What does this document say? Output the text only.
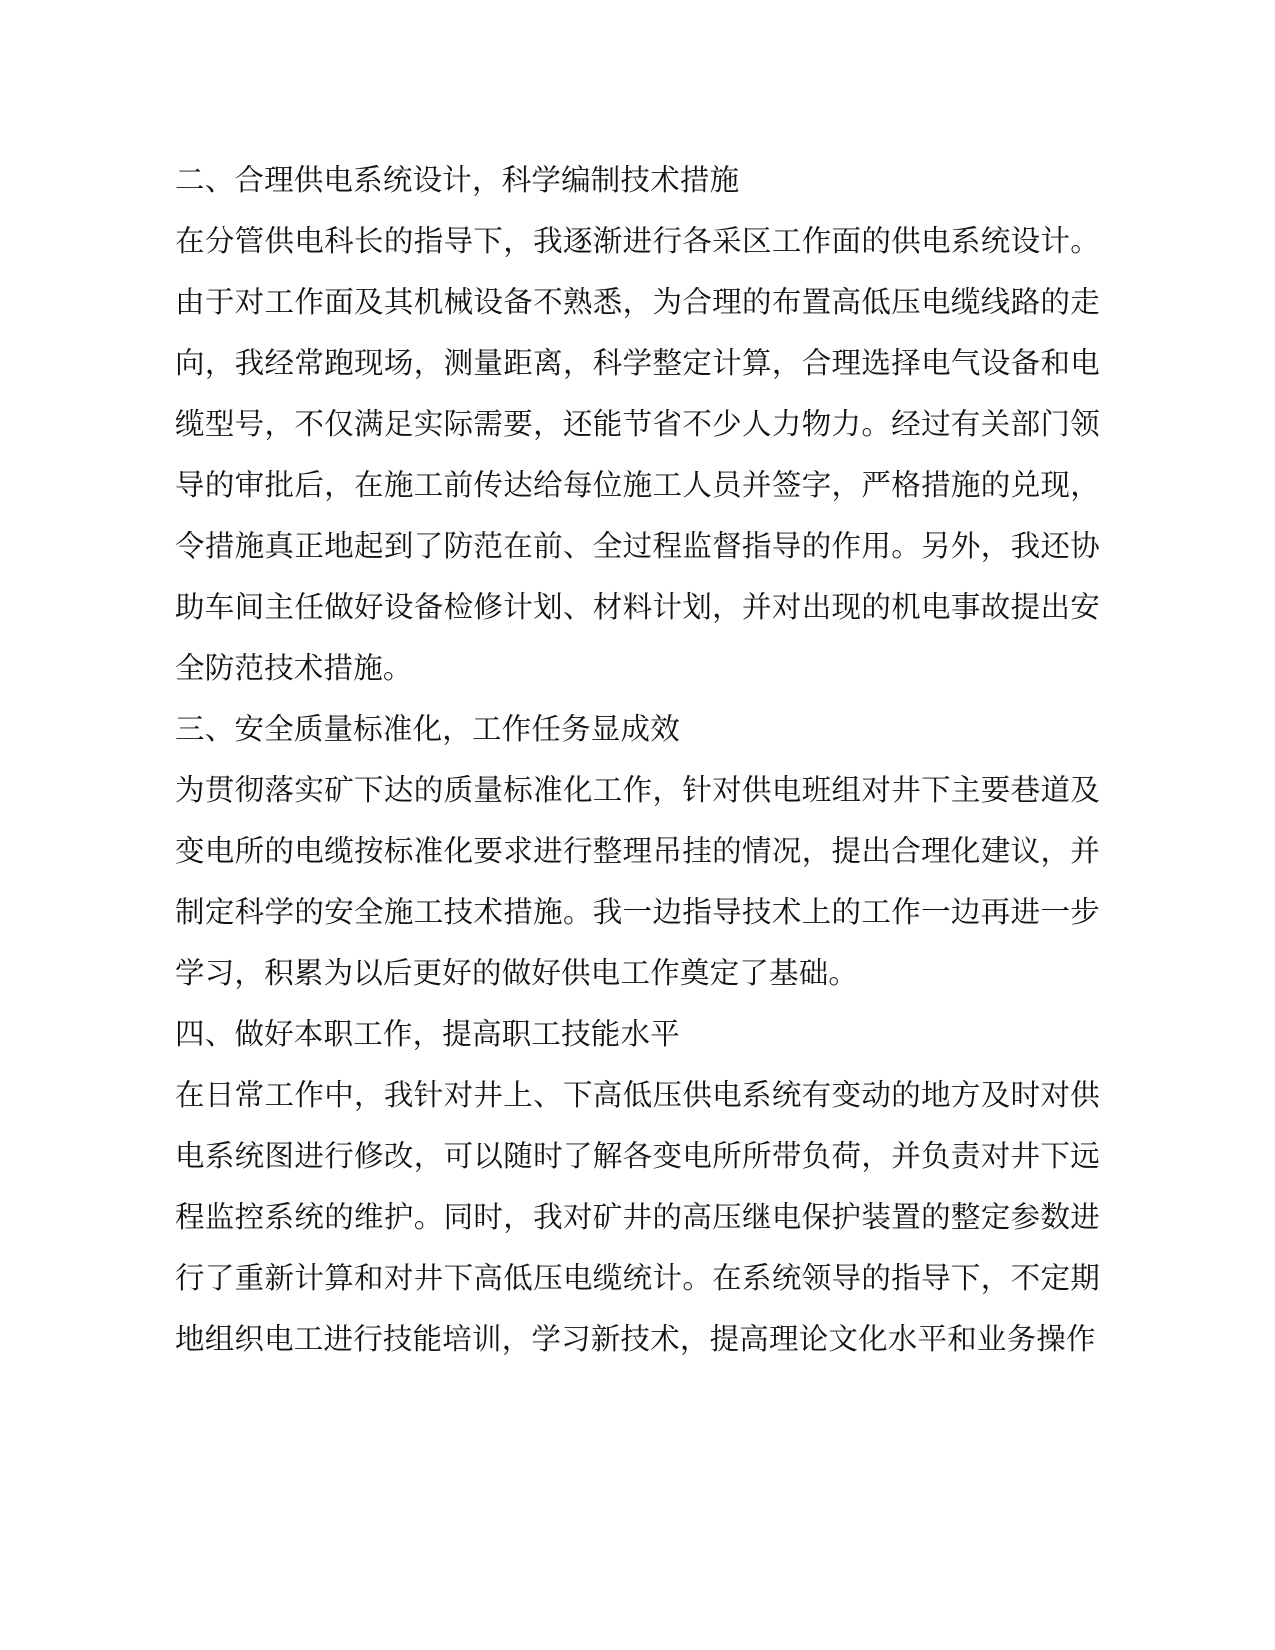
二、合理供电系统设计，科学编制技术措施

在分管供电科长的指导下，我逐渐进行各采区工作面的供电系统设计。由于对工作面及其机械设备不熟悉，为合理的布置高低压电缆线路的走向，我经常跑现场，测量距离，科学整定计算，合理选择电气设备和电缆型号，不仅满足实际需要，还能节省不少人力物力。经过有关部门领导的审批后，在施工前传达给每位施工人员并签字，严格措施的兑现，令措施真正地起到了防范在前、全过程监督指导的作用。另外，我还协助车间主任做好设备检修计划、材料计划，并对出现的机电事故提出安全防范技术措施。

三、安全质量标准化，工作任务显成效

为贯彻落实矿下达的质量标准化工作，针对供电班组对井下主要巷道及变电所的电缆按标准化要求进行整理吊挂的情况，提出合理化建议，并制定科学的安全施工技术措施。我一边指导技术上的工作一边再进一步学习，积累为以后更好的做好供电工作奠定了基础。

四、做好本职工作，提高职工技能水平

在日常工作中，我针对井上、下高低压供电系统有变动的地方及时对供电系统图进行修改，可以随时了解各变电所所带负荷，并负责对井下远程监控系统的维护。同时，我对矿井的高压继电保护装置的整定参数进行了重新计算和对井下高低压电缆统计。在系统领导的指导下，不定期地组织电工进行技能培训，学习新技术，提高理论文化水平和业务操作
